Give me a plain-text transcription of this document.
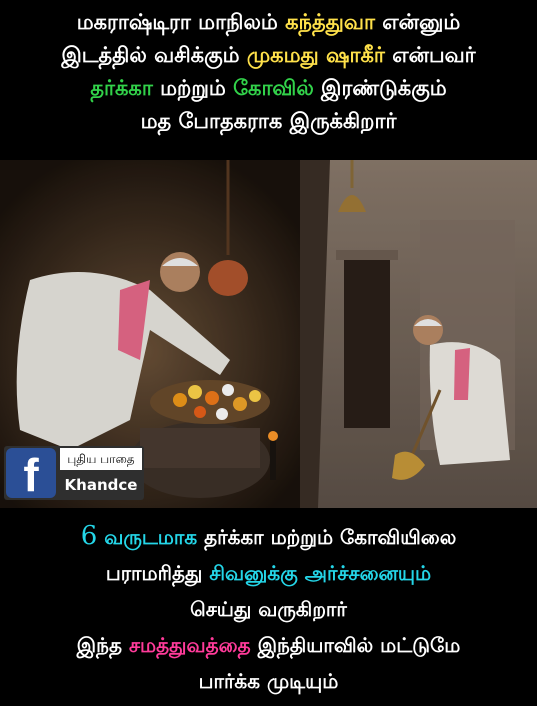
மகராஷ்டிரா மாநிலம் கந்த்துவா என்னும்
இடத்தில் வசிக்கும் முகமது ஷாகீர் என்பவர்
தர்க்கா மற்றும் கோவில் இரண்டுக்கும்
மத போதகராக இருக்கிறார்
f	புதிய பாதை
Khandce
6 வருடமாக தர்க்கா மற்றும் கோவியிலை
பராமரித்து சிவனுக்கு அர்ச்சனையும்
செய்து வருகிறார்
இந்த சமத்துவத்தை இந்தியாவில் மட்டுமே
பார்க்க முடியும்
